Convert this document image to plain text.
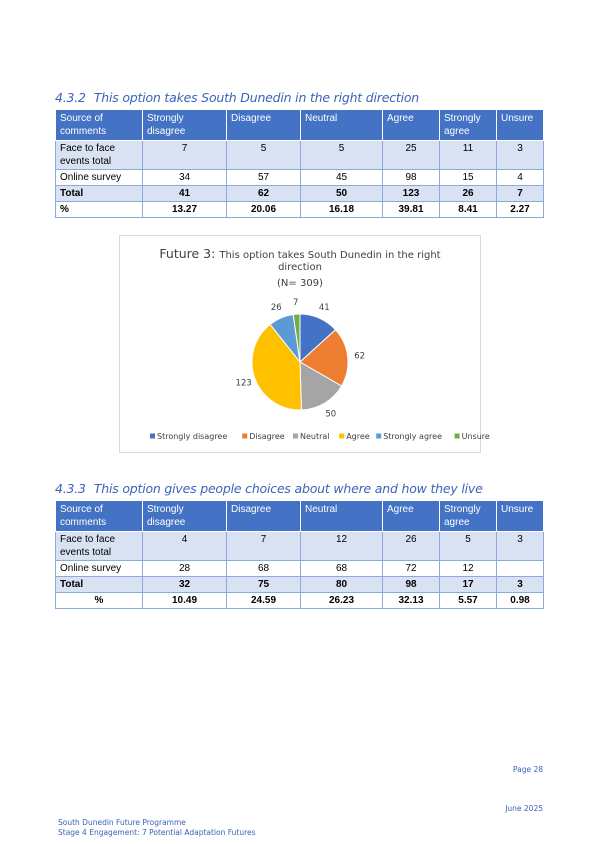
4.3.2 This option takes South Dunedin in the right direction
Source of comments	Strongly disagree	Disagree	Neutral	Agree	Strongly agree	Unsure
Face to face events total	7	5	5	25	11	3
Online survey	34	57	45	98	15	4
Total	41	62	50	123	26	7
%	13.27	20.06	16.18	39.81	8.41	2.27
Future 3: This option takes South Dunedin in the right
direction
(N= 309)
41
62
50
123
26 7
Strongly disagree	Disagree Neutral Agree Strongly agree Unsure
4.3.3 This option gives people choices about where and how they live
Source of comments	Strongly disagree	Disagree	Neutral	Agree	Strongly agree	Unsure
Face to face events total	4	7	12	26	5	3
Online survey	28	68	68	72	12	
Total	32	75	80	98	17	3
%	10.49	24.59	26.23	32.13	5.57	0.98
Page 28
June 2025
South Dunedin Future Programme
Stage 4 Engagement: 7 Potential Adaptation Futures
